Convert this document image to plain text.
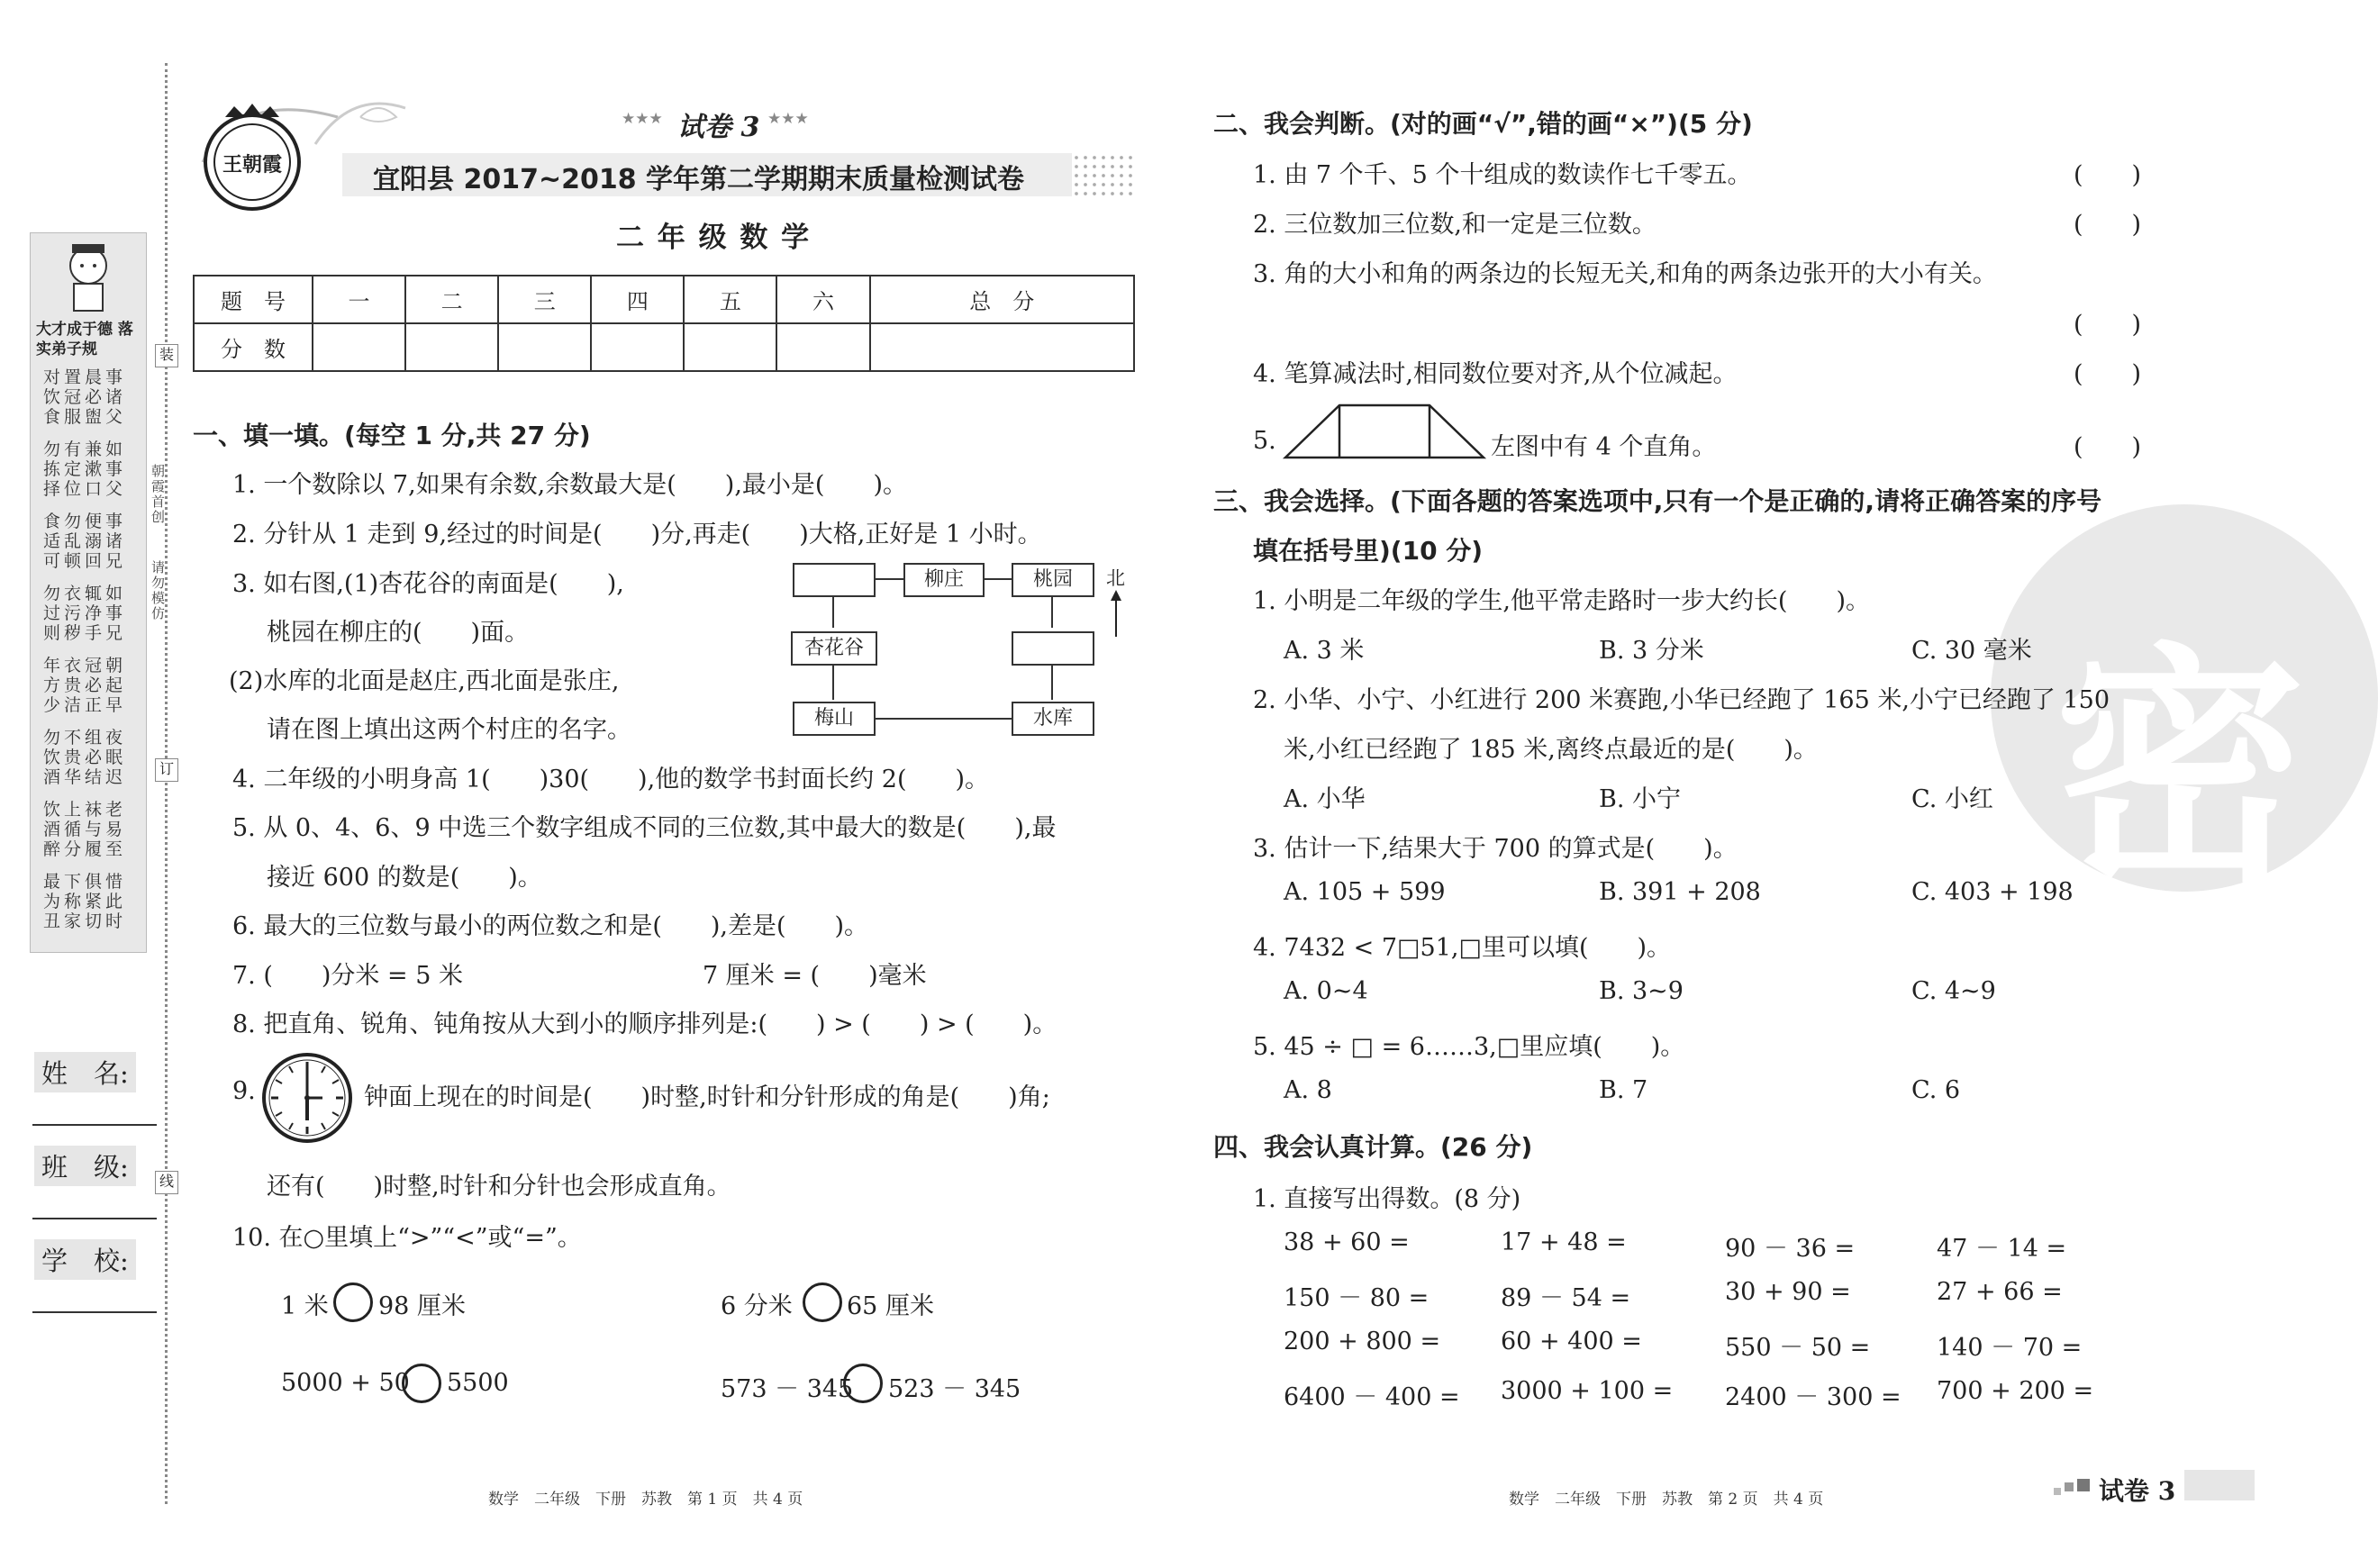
大才成于德 落实弟子规
对置晨事
饮冠必诸
食服盥父
勿有兼如
拣定漱事
择位口父
食勿便事
适乱溺诸
可顿回兄
勿衣辄如
过污净事
则秽手兄
年衣冠朝
方贵必起
少洁正早
勿不组夜
饮贵必眠
酒华结迟
饮上袜老
酒循与易
醉分履至
最下俱惜
为称紧此
丑家切时
装
订
线
朝霞首创
请勿模仿
姓　名:
班　级:
学　校:
王朝霞
★★★ 试卷 3 ★★★
宜阳县 2017~2018 学年第二学期期末质量检测试卷
二 年 级 数 学
题　号	一	二	三	四	五	六	总　分
分　数							
一、填一填。(每空 1 分,共 27 分)
1. 一个数除以 7,如果有余数,余数最大是(　　),最小是(　　)。
2. 分针从 1 走到 9,经过的时间是(　　)分,再走(　　)大格,正好是 1 小时。
3. 如右图,(1)杏花谷的南面是(　　),
桃园在柳庄的(　　)面。
(2)水库的北面是赵庄,西北面是张庄,
请在图上填出这两个村庄的名字。
柳庄	桃园
杏花谷
梅山	水库
北
4. 二年级的小明身高 1(　　)30(　　),他的数学书封面长约 2(　　)。
5. 从 0、4、6、9 中选三个数字组成不同的三位数,其中最大的数是(　　),最
接近 600 的数是(　　)。
6. 最大的三位数与最小的两位数之和是(　　),差是(　　)。
7. (　　)分米 = 5 米	7 厘米 = (　　)毫米
8. 把直角、锐角、钝角按从大到小的顺序排列是:(　　) > (　　) > (　　)。
9.	钟面上现在的时间是(　　)时整,时针和分针形成的角是(　　)角;
还有(　　)时整,时针和分针也会形成直角。
10. 在○里填上“>”“<”或“=”。
1 米 98 厘米	6 分米 65 厘米
5000 + 50 5500	573 － 345 523 － 345
数学　二年级　下册　苏教　第 1 页　共 4 页
密
二、我会判断。(对的画“√”,错的画“×”)(5 分)
1. 由 7 个千、5 个十组成的数读作七千零五。	(　　)
2. 三位数加三位数,和一定是三位数。	(　　)
3. 角的大小和角的两条边的长短无关,和角的两条边张开的大小有关。
(　　)
4. 笔算减法时,相同数位要对齐,从个位减起。	(　　)
5.	左图中有 4 个直角。	(　　)
三、我会选择。(下面各题的答案选项中,只有一个是正确的,请将正确答案的序号
填在括号里)(10 分)
1. 小明是二年级的学生,他平常走路时一步大约长(　　)。
A. 3 米	B. 3 分米	C. 30 毫米
2. 小华、小宁、小红进行 200 米赛跑,小华已经跑了 165 米,小宁已经跑了 150
米,小红已经跑了 185 米,离终点最近的是(　　)。
A. 小华	B. 小宁	C. 小红
3. 估计一下,结果大于 700 的算式是(　　)。
A. 105 + 599	B. 391 + 208	C. 403 + 198
4. 7432 < 7□51,□里可以填(　　)。
A. 0~4	B. 3~9	C. 4~9
5. 45 ÷ □ = 6……3,□里应填(　　)。
A. 8	B. 7	C. 6
四、我会认真计算。(26 分)
1. 直接写出得数。(8 分)
38 + 60 =	17 + 48 =	90 － 36 =	47 － 14 =
150 － 80 =	89 － 54 =	30 + 90 =	27 + 66 =
200 + 800 = 60 + 400 =	550 － 50 =	140 － 70 =
6400 － 400 = 3000 + 100 = 2400 － 300 = 700 + 200 =
数学　二年级　下册　苏教　第 2 页　共 4 页	试卷 3
